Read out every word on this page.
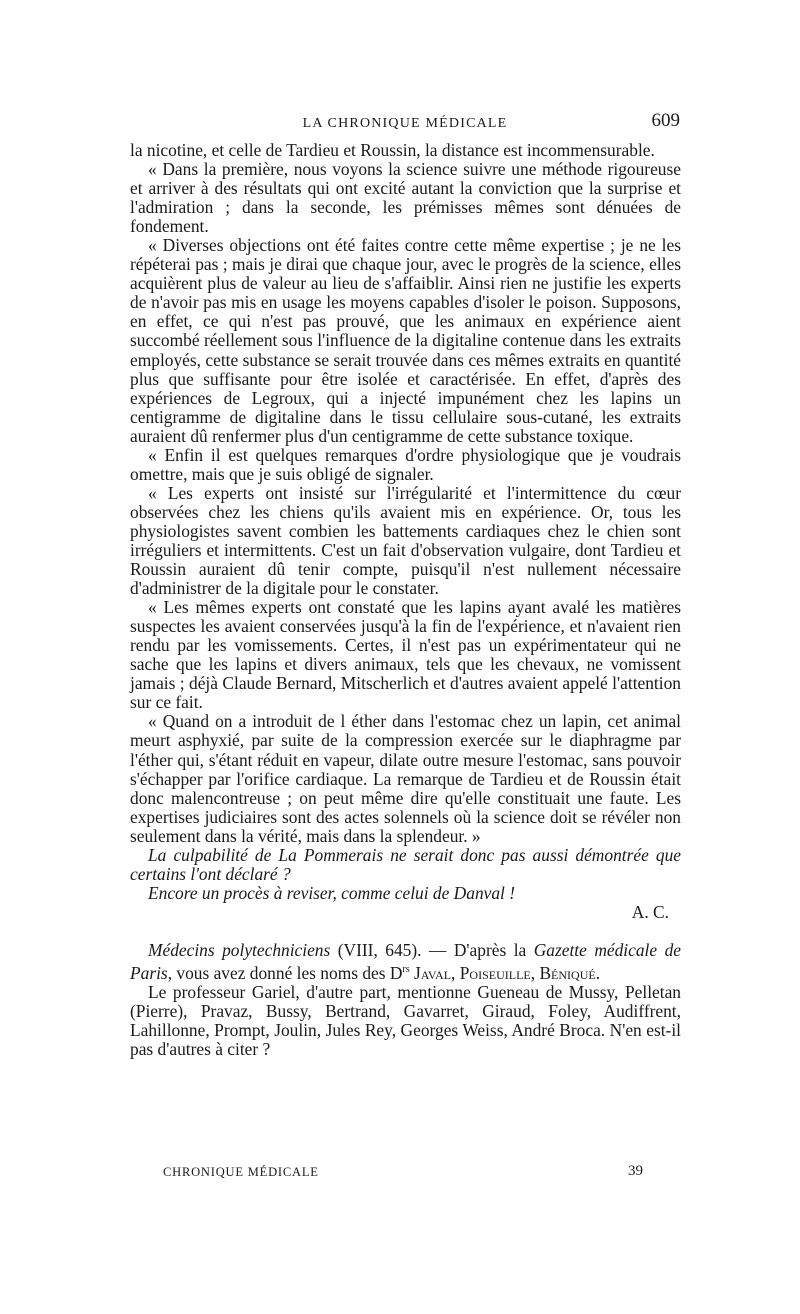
LA CHRONIQUE MÉDICALE	609

la nicotine, et celle de Tardieu et Roussin, la distance est incommensurable.

« Dans la première, nous voyons la science suivre une méthode rigoureuse et arriver à des résultats qui ont excité autant la conviction que la surprise et l'admiration ; dans la seconde, les prémisses mêmes sont dénuées de fondement.

« Diverses objections ont été faites contre cette même expertise ; je ne les répéterai pas ; mais je dirai que chaque jour, avec le progrès de la science, elles acquièrent plus de valeur au lieu de s'affaiblir. Ainsi rien ne justifie les experts de n'avoir pas mis en usage les moyens capables d'isoler le poison. Supposons, en effet, ce qui n'est pas prouvé, que les animaux en expérience aient succombé réellement sous l'influence de la digitaline contenue dans les extraits employés, cette substance se serait trouvée dans ces mêmes extraits en quantité plus que suffisante pour être isolée et caractérisée. En effet, d'après des expériences de Legroux, qui a injecté impunément chez les lapins un centigramme de digitaline dans le tissu cellulaire sous-cutané, les extraits auraient dû renfermer plus d'un centigramme de cette substance toxique.

« Enfin il est quelques remarques d'ordre physiologique que je voudrais omettre, mais que je suis obligé de signaler.

« Les experts ont insisté sur l'irrégularité et l'intermittence du cœur observées chez les chiens qu'ils avaient mis en expérience. Or, tous les physiologistes savent combien les battements cardiaques chez le chien sont irréguliers et intermittents. C'est un fait d'observation vulgaire, dont Tardieu et Roussin auraient dû tenir compte, puisqu'il n'est nullement nécessaire d'administrer de la digitale pour le constater.

« Les mêmes experts ont constaté que les lapins ayant avalé les matières suspectes les avaient conservées jusqu'à la fin de l'expérience, et n'avaient rien rendu par les vomissements. Certes, il n'est pas un expérimentateur qui ne sache que les lapins et divers animaux, tels que les chevaux, ne vomissent jamais ; déjà Claude Bernard, Mitscherlich et d'autres avaient appelé l'attention sur ce fait.

« Quand on a introduit de l éther dans l'estomac chez un lapin, cet animal meurt asphyxié, par suite de la compression exercée sur le diaphragme par l'éther qui, s'étant réduit en vapeur, dilate outre mesure l'estomac, sans pouvoir s'échapper par l'orifice cardiaque. La remarque de Tardieu et de Roussin était donc malencontreuse ; on peut même dire qu'elle constituait une faute. Les expertises judiciaires sont des actes solennels où la science doit se révéler non seulement dans la vérité, mais dans la splendeur. »

La culpabilité de La Pommerais ne serait donc pas aussi démontrée que certains l'ont déclaré ?

Encore un procès à reviser, comme celui de Danval !

A. C.

Médecins polytechniciens (VIII, 645). — D'après la Gazette médicale de Paris, vous avez donné les noms des $D^{rs}$ Javal, Poiseuille, Béniqué.

Le professeur Gariel, d'autre part, mentionne Gueneau de Mussy, Pelletan (Pierre), Pravaz, Bussy, Bertrand, Gavarret, Giraud, Foley, Audiffrent, Lahillonne, Prompt, Joulin, Jules Rey, Georges Weiss, André Broca. N'en est-il pas d'autres à citer ?

CHRONIQUE MÉDICALE	39
